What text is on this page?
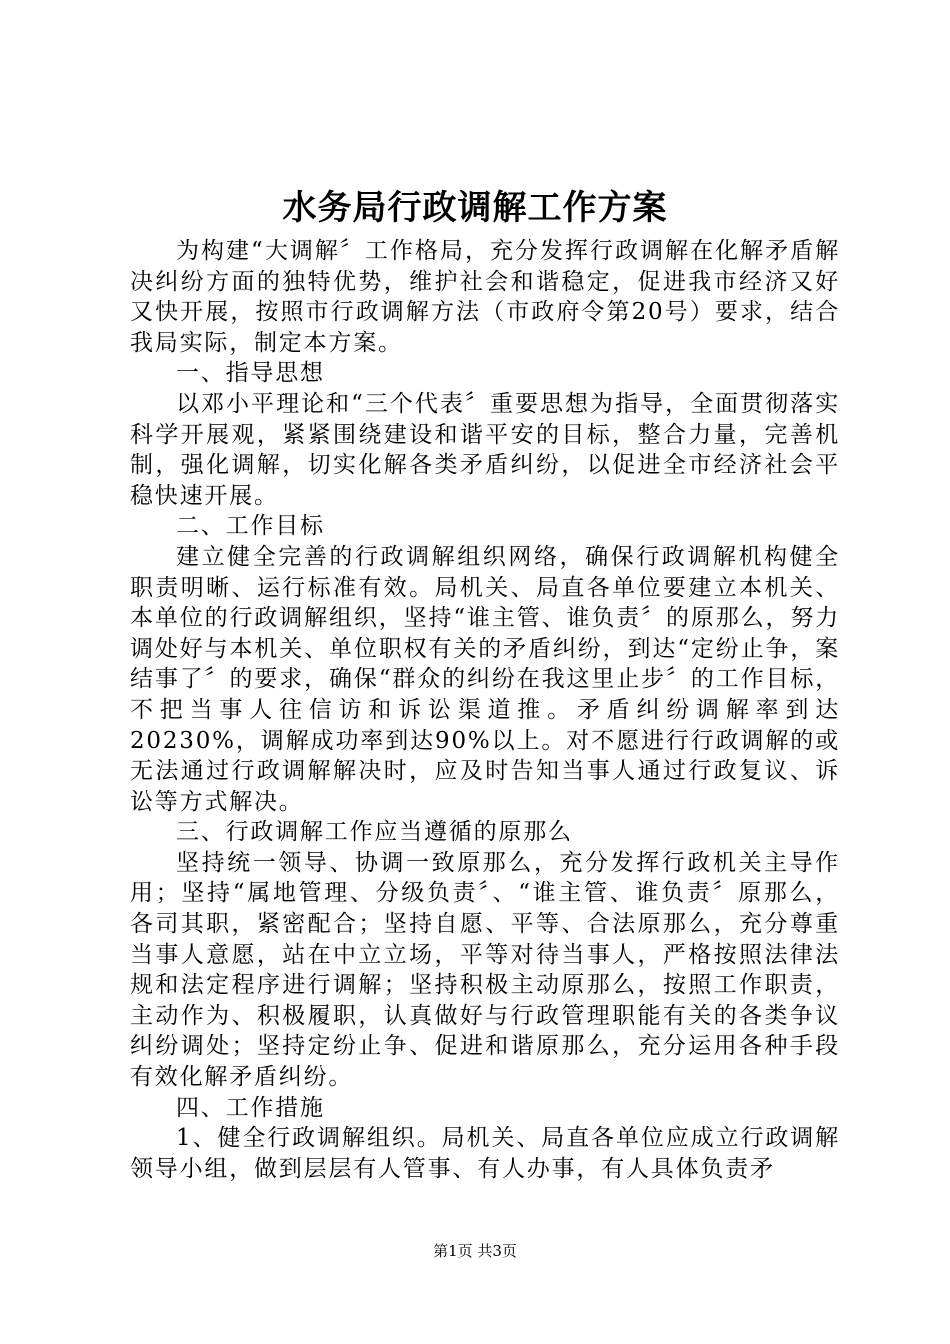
水务局行政调解工作方案

为构建“大调解〞工作格局，充分发挥行政调解在化解矛盾解决纠纷方面的独特优势，维护社会和谐稳定，促进我市经济又好又快开展，按照市行政调解方法（市政府令第20号）要求，结合我局实际，制定本方案。

一、指导思想

以邓小平理论和“三个代表〞重要思想为指导，全面贯彻落实科学开展观，紧紧围绕建设和谐平安的目标，整合力量，完善机制，强化调解，切实化解各类矛盾纠纷，以促进全市经济社会平稳快速开展。

二、工作目标

建立健全完善的行政调解组织网络，确保行政调解机构健全职责明晰、运行标准有效。局机关、局直各单位要建立本机关、本单位的行政调解组织，坚持“谁主管、谁负责〞的原那么，努力调处好与本机关、单位职权有关的矛盾纠纷，到达“定纷止争，案结事了〞的要求，确保“群众的纠纷在我这里止步〞的工作目标，不把当事人往信访和诉讼渠道推。矛盾纠纷调解率到达20230%，调解成功率到达90%以上。对不愿进行行政调解的或无法通过行政调解解决时，应及时告知当事人通过行政复议、诉讼等方式解决。

三、行政调解工作应当遵循的原那么

坚持统一领导、协调一致原那么，充分发挥行政机关主导作用；坚持“属地管理、分级负责〞、“谁主管、谁负责〞原那么，各司其职，紧密配合；坚持自愿、平等、合法原那么，充分尊重当事人意愿，站在中立立场，平等对待当事人，严格按照法律法规和法定程序进行调解；坚持积极主动原那么，按照工作职责，主动作为、积极履职，认真做好与行政管理职能有关的各类争议纠纷调处；坚持定纷止争、促进和谐原那么，充分运用各种手段有效化解矛盾纠纷。

四、工作措施

1、健全行政调解组织。局机关、局直各单位应成立行政调解领导小组，做到层层有人管事、有人办事，有人具体负责矛

第1页 共3页
